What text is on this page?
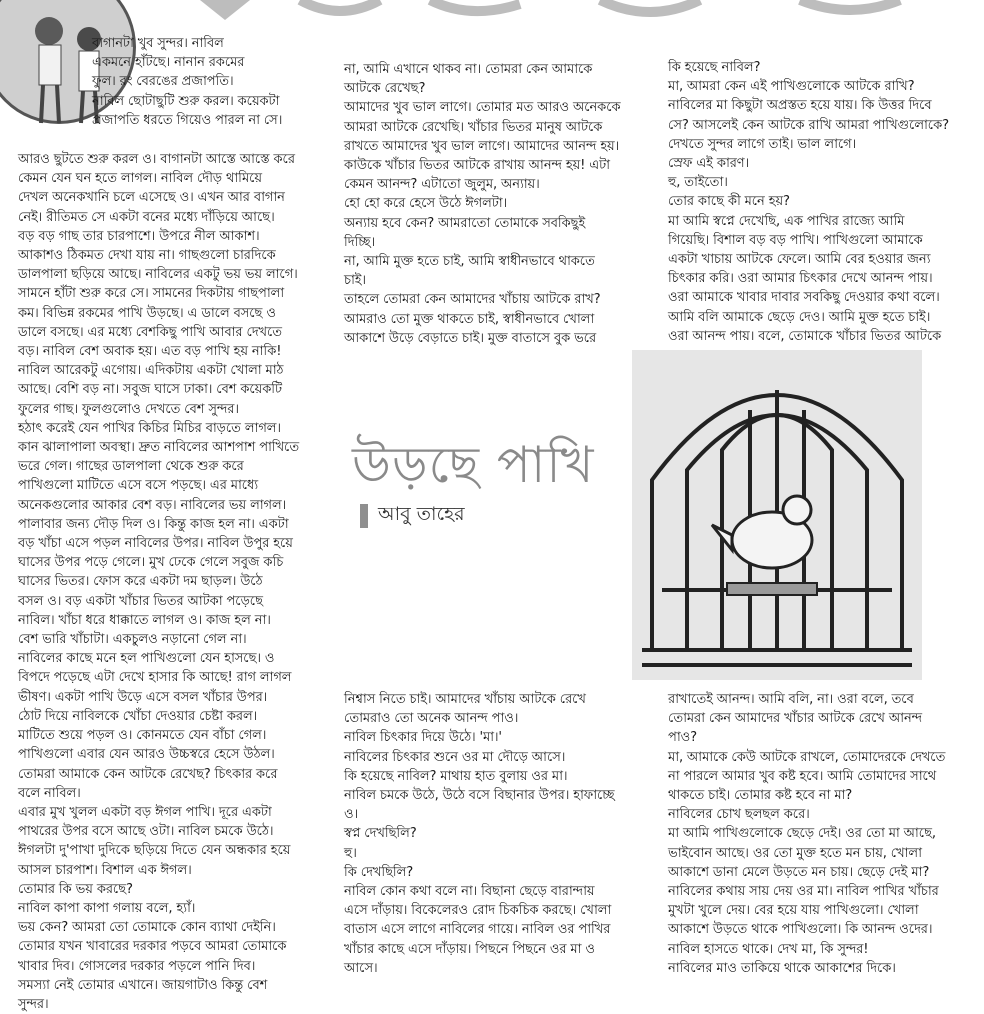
বাগানটা খুব সুন্দর। নাবিল

একমনে হাঁটছে। নানান রকমের

ফুল। রং বেরঙের প্রজাপতি।

নাবিল ছোটাছুটি শুরু করল। কয়েকটা

প্রজাপতি ধরতে গিয়েও পারল না সে।

আরও ছুটতে শুরু করল ও। বাগানটা আস্তে আস্তে করে

কেমন যেন ঘন হতে লাগল। নাবিল দৌড় থামিয়ে

দেখল অনেকখানি চলে এসেছে ও। এখন আর বাগান

নেই। রীতিমত সে একটা বনের মধ্যে দাঁড়িয়ে আছে।

বড় বড় গাছ তার চারপাশে। উপরে নীল আকাশ।

আকাশও ঠিকমত দেখা যায় না। গাছগুলো চারদিকে

ডালপালা ছড়িয়ে আছে। নাবিলের একটু ভয় ভয় লাগে।

সামনে হাঁটা শুরু করে সে। সামনের দিকটায় গাছপালা

কম। বিভিন্ন রকমের পাখি উড়ছে। এ ডালে বসছে ও

ডালে বসছে। এর মধ্যে বেশকিছু পাখি আবার দেখতে

বড়। নাবিল বেশ অবাক হয়। এত বড় পাখি হয় নাকি!

নাবিল আরেকটু এগোয়। এদিকটায় একটা খোলা মাঠ

আছে। বেশি বড় না। সবুজ ঘাসে ঢাকা। বেশ কয়েকটি

ফুলের গাছ। ফুলগুলোও দেখতে বেশ সুন্দর।

হঠাৎ করেই যেন পাখির কিচির মিচির বাড়তে লাগল।

কান ঝালাপালা অবস্থা। দ্রুত নাবিলের আশপাশ পাখিতে

ভরে গেল। গাছের ডালপালা থেকে শুরু করে

পাখিগুলো মাটিতে এসে বসে পড়ছে। এর মাধ্যে

অনেকগুলোর আকার বেশ বড়। নাবিলের ভয় লাগল।

পালাবার জন্য দৌড় দিল ও। কিন্তু কাজ হল না। একটা

বড় খাঁচা এসে পড়ল নাবিলের উপর। নাবিল উপুর হয়ে

ঘাসের উপর পড়ে গেলে। মুখ ঢেকে গেলে সবুজ কচি

ঘাসের ভিতর। ফোস করে একটা দম ছাড়ল। উঠে

বসল ও। বড় একটা খাঁচার ভিতর আটকা পড়েছে

নাবিল। খাঁচা ধরে ধাক্কাতে লাগল ও। কাজ হল না।

বেশ ভারি খাঁচাটা। একচুলও নড়ানো গেল না।

নাবিলের কাছে মনে হল পাখিগুলো যেন হাসছে। ও

বিপদে পড়েছে এটা দেখে হাসার কি আছে! রাগ লাগল

ভীষণ। একটা পাখি উড়ে এসে বসল খাঁচার উপর।

ঠোট দিয়ে নাবিলকে খোঁচা দেওয়ার চেষ্টা করল।

মাটিতে শুয়ে পড়ল ও। কোনমতে যেন বাঁচা গেল।

পাখিগুলো এবার যেন আরও উচ্চস্বরে হেসে উঠল।

তোমরা আমাকে কেন আটকে রেখেছ? চিৎকার করে

বলে নাবিল।

এবার মুখ খুলল একটা বড় ঈগল পাখি। দূরে একটা

পাথরের উপর বসে আছে ওটা। নাবিল চমকে উঠে।

ঈগলটা দু'পাখা দুদিকে ছড়িয়ে দিতে যেন অন্ধকার হয়ে

আসল চারপাশ। বিশাল এক ঈগল।

তোমার কি ভয় করছে?

নাবিল কাপা কাপা গলায় বলে, হ্যাঁ।

ভয় কেন? আমরা তো তোমাকে কোন ব্যাথা দেইনি।

তোমার যখন খাবারের দরকার পড়বে আমরা তোমাকে

খাবার দিব। গোসলের দরকার পড়লে পানি দিব।

সমস্যা নেই তোমার এখানে। জায়গাটাও কিন্তু বেশ

সুন্দর।

না, আমি এখানে থাকব না। তোমরা কেন আমাকে

আটকে রেখেছ?

আমাদের খুব ভাল লাগে। তোমার মত আরও অনেককে

আমরা আটকে রেখেছি। খাঁচার ভিতর মানুষ আটকে

রাখতে আমাদের খুব ভাল লাগে। আমাদের আনন্দ হয়।

কাউকে খাঁচার ভিতর আটকে রাখায় আনন্দ হয়! এটা

কেমন আনন্দ? এটাতো জুলুম, অন্যায়।

হো হো করে হেসে উঠে ঈগলটা।

অন্যায় হবে কেন? আমরাতো তোমাকে সবকিছুই

দিচ্ছি।

না, আমি মুক্ত হতে চাই, আমি স্বাধীনভাবে থাকতে

চাই।

তাহলে তোমরা কেন আমাদের খাঁচায় আটকে রাখ?

আমরাও তো মুক্ত থাকতে চাই, স্বাধীনভাবে খোলা

আকাশে উড়ে বেড়াতে চাই। মুক্ত বাতাসে বুক ভরে

কি হয়েছে নাবিল?

মা, আমরা কেন এই পাখিগুলোকে আটকে রাখি?

নাবিলের মা কিছুটা অপ্রস্তত হয়ে যায়। কি উত্তর দিবে

সে? আসলেই কেন আটকে রাখি আমরা পাখিগুলোকে?

দেখতে সুন্দর লাগে তাই। ভাল লাগে।

স্রেফ এই কারণ।

হু, তাইতো।

তোর কাছে কী মনে হয়?

মা আমি স্বপ্নে দেখেছি, এক পাখির রাজ্যে আমি

গিয়েছি। বিশাল বড় বড় পাখি। পাখিগুলো আমাকে

একটা খাচায় আটকে ফেলে। আমি বের হওয়ার জন্য

চিৎকার করি। ওরা আমার চিৎকার দেখে আনন্দ পায়।

ওরা আমাকে খাবার দাবার সবকিছু দেওয়ার কথা বলে।

আমি বলি আমাকে ছেড়ে দেও। আমি মুক্ত হতে চাই।

ওরা আনন্দ পায়। বলে, তোমাকে খাঁচার ভিতর আটকে

নিশ্বাস নিতে চাই। আমাদের খাঁচায় আটকে রেখে

তোমরাও তো অনেক আনন্দ পাও।

নাবিল চিৎকার দিয়ে উঠে। 'মা।'

নাবিলের চিৎকার শুনে ওর মা দৌড়ে আসে।

কি হয়েছে নাবিল? মাথায় হাত বুলায় ওর মা।

নাবিল চমকে উঠে, উঠে বসে বিছানার উপর। হাফাচ্ছে

ও।

স্বপ্ন দেখছিলি?

হু।

কি দেখছিলি?

নাবিল কোন কথা বলে না। বিছানা ছেড়ে বারান্দায়

এসে দাঁড়ায়। বিকেলেরও রোদ চিকচিক করছে। খোলা

বাতাস এসে লাগে নাবিলের গায়ে। নাবিল ওর পাখির

খাঁচার কাছে এসে দাঁড়ায়। পিছনে পিছনে ওর মা ও

আসে।

রাখাতেই আনন্দ। আমি বলি, না। ওরা বলে, তবে

তোমরা কেন আমাদের খাঁচার আটকে রেখে আনন্দ

পাও?

মা, আমাকে কেউ আটকে রাখলে, তোমাদেরকে দেখতে

না পারলে আমার খুব কষ্ট হবে। আমি তোমাদের সাথে

থাকতে চাই। তোমার কষ্ট হবে না মা?

নাবিলের চোখ ছলছল করে।

মা আমি পাখিগুলোকে ছেড়ে দেই। ওর তো মা আছে,

ভাইবোন আছে। ওর তো মুক্ত হতে মন চায়, খোলা

আকাশে ডানা মেলে উড়তে মন চায়। ছেড়ে দেই মা?

নাবিলের কথায় সায় দেয় ওর মা। নাবিল পাখির খাঁচার

মুখটা খুলে দেয়। বের হয়ে যায় পাখিগুলো। খোলা

আকাশে উড়তে থাকে পাখিগুলো। কি আনন্দ ওদের।

নাবিল হাসতে থাকে। দেখ মা, কি সুন্দর!

নাবিলের মাও তাকিয়ে থাকে আকাশের দিকে।

উড়ছে পাখি
আবু তাহের
